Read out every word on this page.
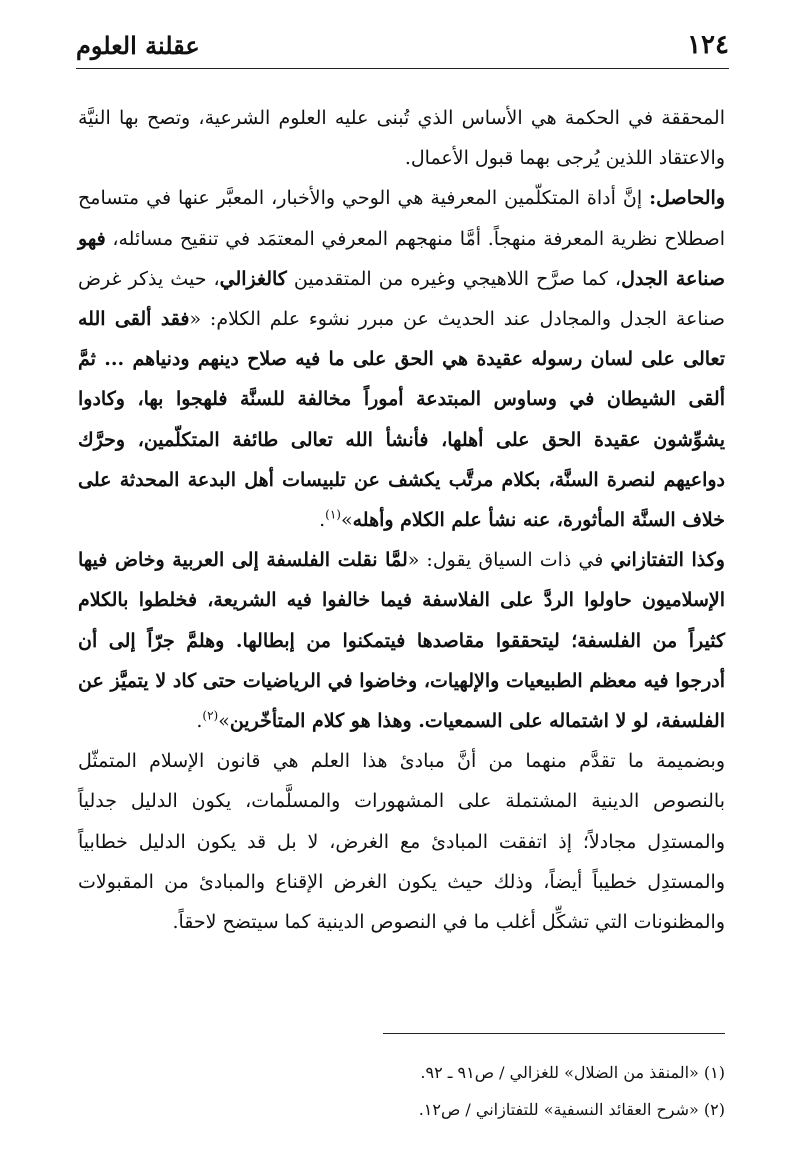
١٢٤
عقلنة العلوم

المحققة في الحكمة هي الأساس الذي تُبنى عليه العلوم الشرعية، وتصح بها النيَّة والاعتقاد اللذين يُرجى بهما قبول الأعمال.

والحاصل: إنَّ أداة المتكلّمين المعرفية هي الوحي والأخبار، المعبَّر عنها في متسامح اصطلاح نظرية المعرفة منهجاً. أمَّا منهجهم المعرفي المعتمَد في تنقيح مسائله، فهو صناعة الجدل، كما صرَّح اللاهيجي وغيره من المتقدمين كالغزالي، حيث يذكر غرض صناعة الجدل والمجادل عند الحديث عن مبرر نشوء علم الكلام: «فقد ألقى الله تعالى على لسان رسوله عقيدة هي الحق على ما فيه صلاح دينهم ودنياهم ... ثمَّ ألقى الشيطان في وساوس المبتدعة أموراً مخالفة للسنَّة فلهجوا بها، وكادوا يشوِّشون عقيدة الحق على أهلها، فأنشأ الله تعالى طائفة المتكلّمين، وحرَّك دواعيهم لنصرة السنَّة، بكلام مرتَّب يكشف عن تلبيسات أهل البدعة المحدثة على خلاف السنَّة المأثورة، عنه نشأ علم الكلام وأهله»$^{(١)}$.

وكذا التفتازاني في ذات السياق يقول: «لمَّا نقلت الفلسفة إلى العربية وخاض فيها الإسلاميون حاولوا الردَّ على الفلاسفة فيما خالفوا فيه الشريعة، فخلطوا بالكلام كثيراً من الفلسفة؛ ليتحققوا مقاصدها فيتمكنوا من إبطالها. وهلمَّ جرّاً إلى أن أدرجوا فيه معظم الطبيعيات والإلهيات، وخاضوا في الرياضيات حتى كاد لا يتميَّز عن الفلسفة، لو لا اشتماله على السمعيات. وهذا هو كلام المتأخّرين»$^{(٢)}$.

وبضميمة ما تقدَّم منهما من أنَّ مبادئ هذا العلم هي قانون الإسلام المتمثّل بالنصوص الدينية المشتملة على المشهورات والمسلَّمات، يكون الدليل جدلياً والمستدِل مجادلاً؛ إذ اتفقت المبادئ مع الغرض، لا بل قد يكون الدليل خطابياً والمستدِل خطيباً أيضاً، وذلك حيث يكون الغرض الإقناع والمبادئ من المقبولات والمظنونات التي تشكِّل أغلب ما في النصوص الدينية كما سيتضح لاحقاً.

(١) «المنقذ من الضلال» للغزالي / ص٩١ ـ ٩٢.
(٢) «شرح العقائد النسفية» للتفتازاني / ص١٢.
